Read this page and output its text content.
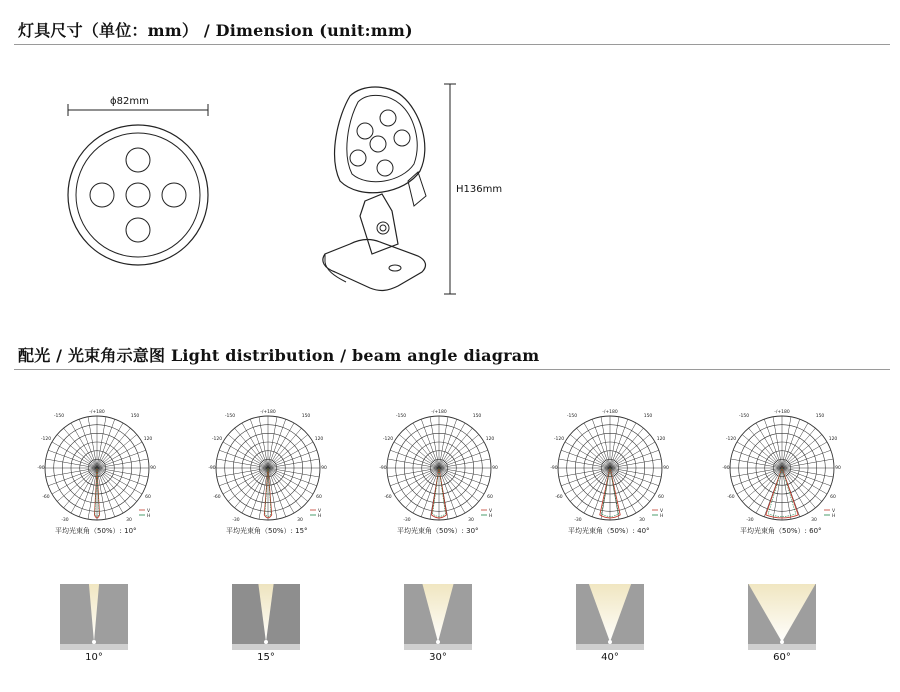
灯具尺寸（单位：mm） / Dimension (unit:mm)
ϕ82mm
H136mm
配光 / 光束角示意图 Light distribution / beam angle diagram
-150
-/+180
150
-120	120
-90	90
-60	60
-30	30
V
H
平均光束角（50%）: 10°
-150
-/+180
150
-120	120
-90	90
-60	60
-30	30
V
H
平均光束角（50%）: 15°
-150
-/+180
150
-120	120
-90	90
-60	60
-30	30
V
H
平均光束角（50%）: 30°
-150
-/+180
150
-120	120
-90	90
-60	60
-30	30
V
H
平均光束角（50%）: 40°
-150
-/+180
150
-120	120
-90	90
-60	60
-30	30
V
H
平均光束角（50%）: 60°
10°	15°	30°	40°	60°
